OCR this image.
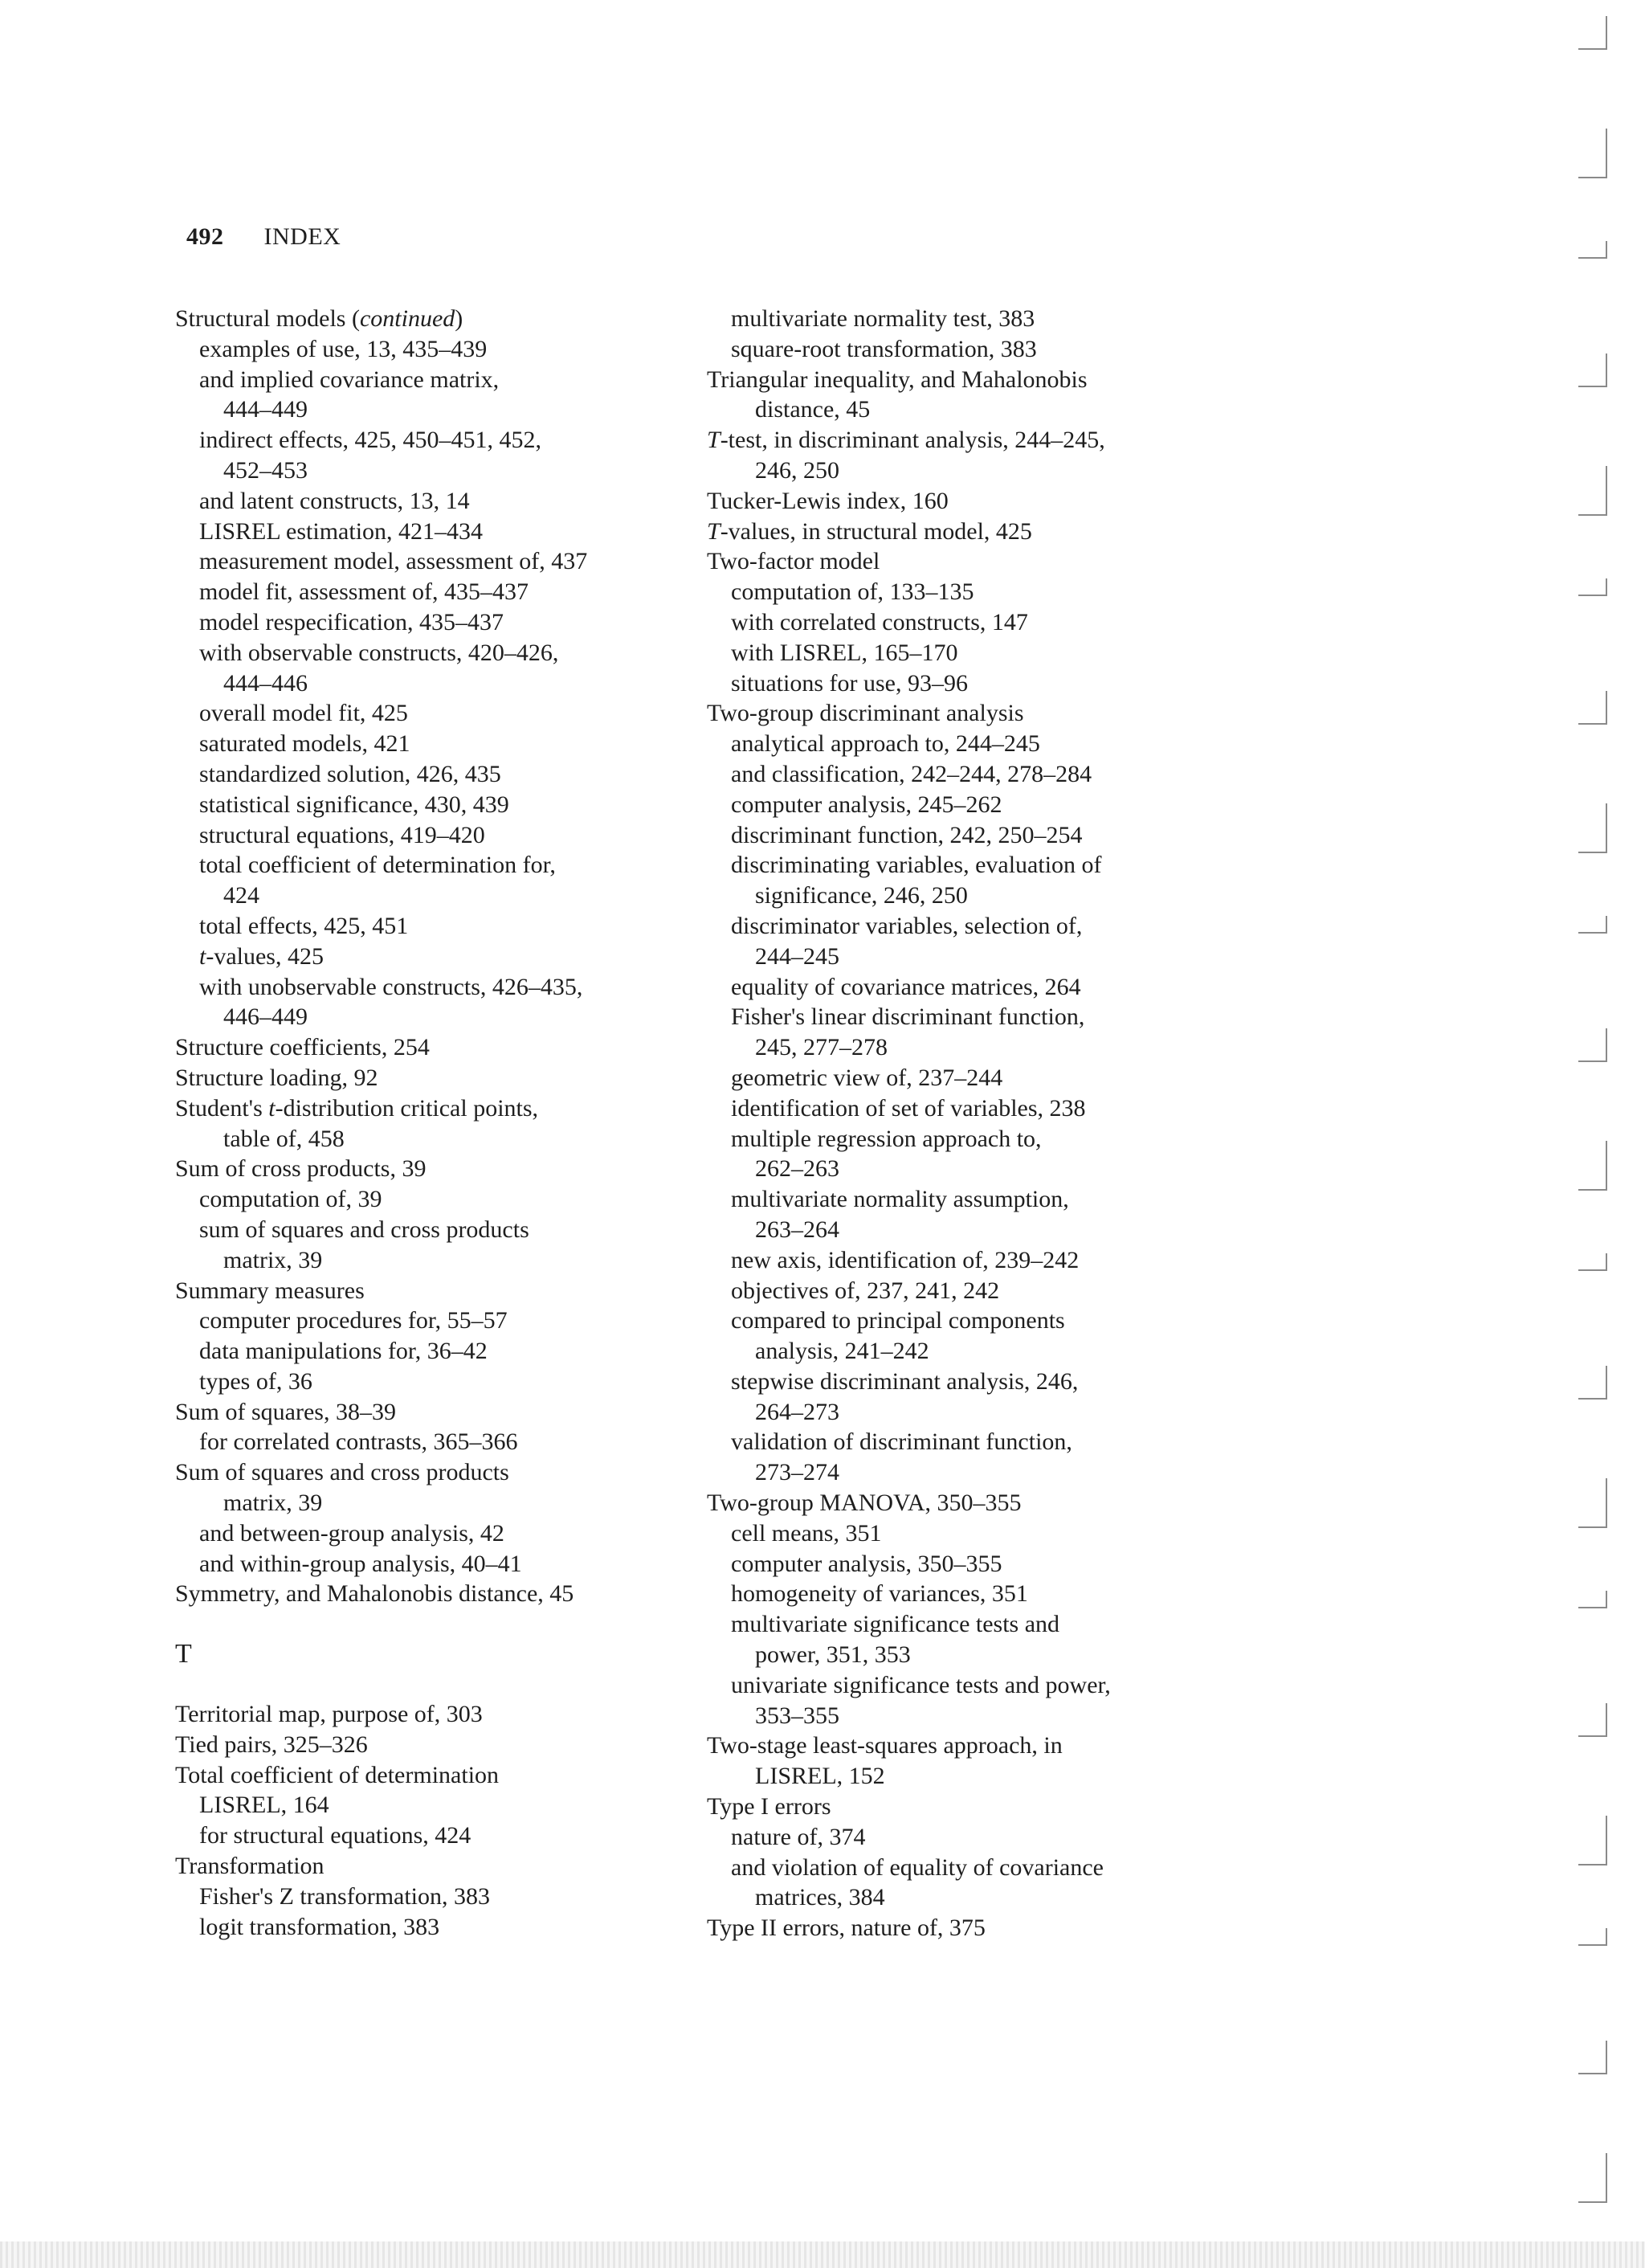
492 INDEX
Structural models (continued)
examples of use, 13, 435–439
and implied covariance matrix,
444–449
indirect effects, 425, 450–451, 452,
452–453
and latent constructs, 13, 14
LISREL estimation, 421–434
measurement model, assessment of, 437
model fit, assessment of, 435–437
model respecification, 435–437
with observable constructs, 420–426,
444–446
overall model fit, 425
saturated models, 421
standardized solution, 426, 435
statistical significance, 430, 439
structural equations, 419–420
total coefficient of determination for,
424
total effects, 425, 451
t-values, 425
with unobservable constructs, 426–435,
446–449
Structure coefficients, 254
Structure loading, 92
Student's t-distribution critical points,
table of, 458
Sum of cross products, 39
computation of, 39
sum of squares and cross products
matrix, 39
Summary measures
computer procedures for, 55–57
data manipulations for, 36–42
types of, 36
Sum of squares, 38–39
for correlated contrasts, 365–366
Sum of squares and cross products
matrix, 39
and between-group analysis, 42
and within-group analysis, 40–41
Symmetry, and Mahalonobis distance, 45
T
Territorial map, purpose of, 303
Tied pairs, 325–326
Total coefficient of determination
LISREL, 164
for structural equations, 424
Transformation
Fisher's Z transformation, 383
logit transformation, 383
multivariate normality test, 383
square-root transformation, 383
Triangular inequality, and Mahalonobis
distance, 45
T-test, in discriminant analysis, 244–245,
246, 250
Tucker-Lewis index, 160
T-values, in structural model, 425
Two-factor model
computation of, 133–135
with correlated constructs, 147
with LISREL, 165–170
situations for use, 93–96
Two-group discriminant analysis
analytical approach to, 244–245
and classification, 242–244, 278–284
computer analysis, 245–262
discriminant function, 242, 250–254
discriminating variables, evaluation of
significance, 246, 250
discriminator variables, selection of,
244–245
equality of covariance matrices, 264
Fisher's linear discriminant function,
245, 277–278
geometric view of, 237–244
identification of set of variables, 238
multiple regression approach to,
262–263
multivariate normality assumption,
263–264
new axis, identification of, 239–242
objectives of, 237, 241, 242
compared to principal components
analysis, 241–242
stepwise discriminant analysis, 246,
264–273
validation of discriminant function,
273–274
Two-group MANOVA, 350–355
cell means, 351
computer analysis, 350–355
homogeneity of variances, 351
multivariate significance tests and
power, 351, 353
univariate significance tests and power,
353–355
Two-stage least-squares approach, in
LISREL, 152
Type I errors
nature of, 374
and violation of equality of covariance
matrices, 384
Type II errors, nature of, 375
